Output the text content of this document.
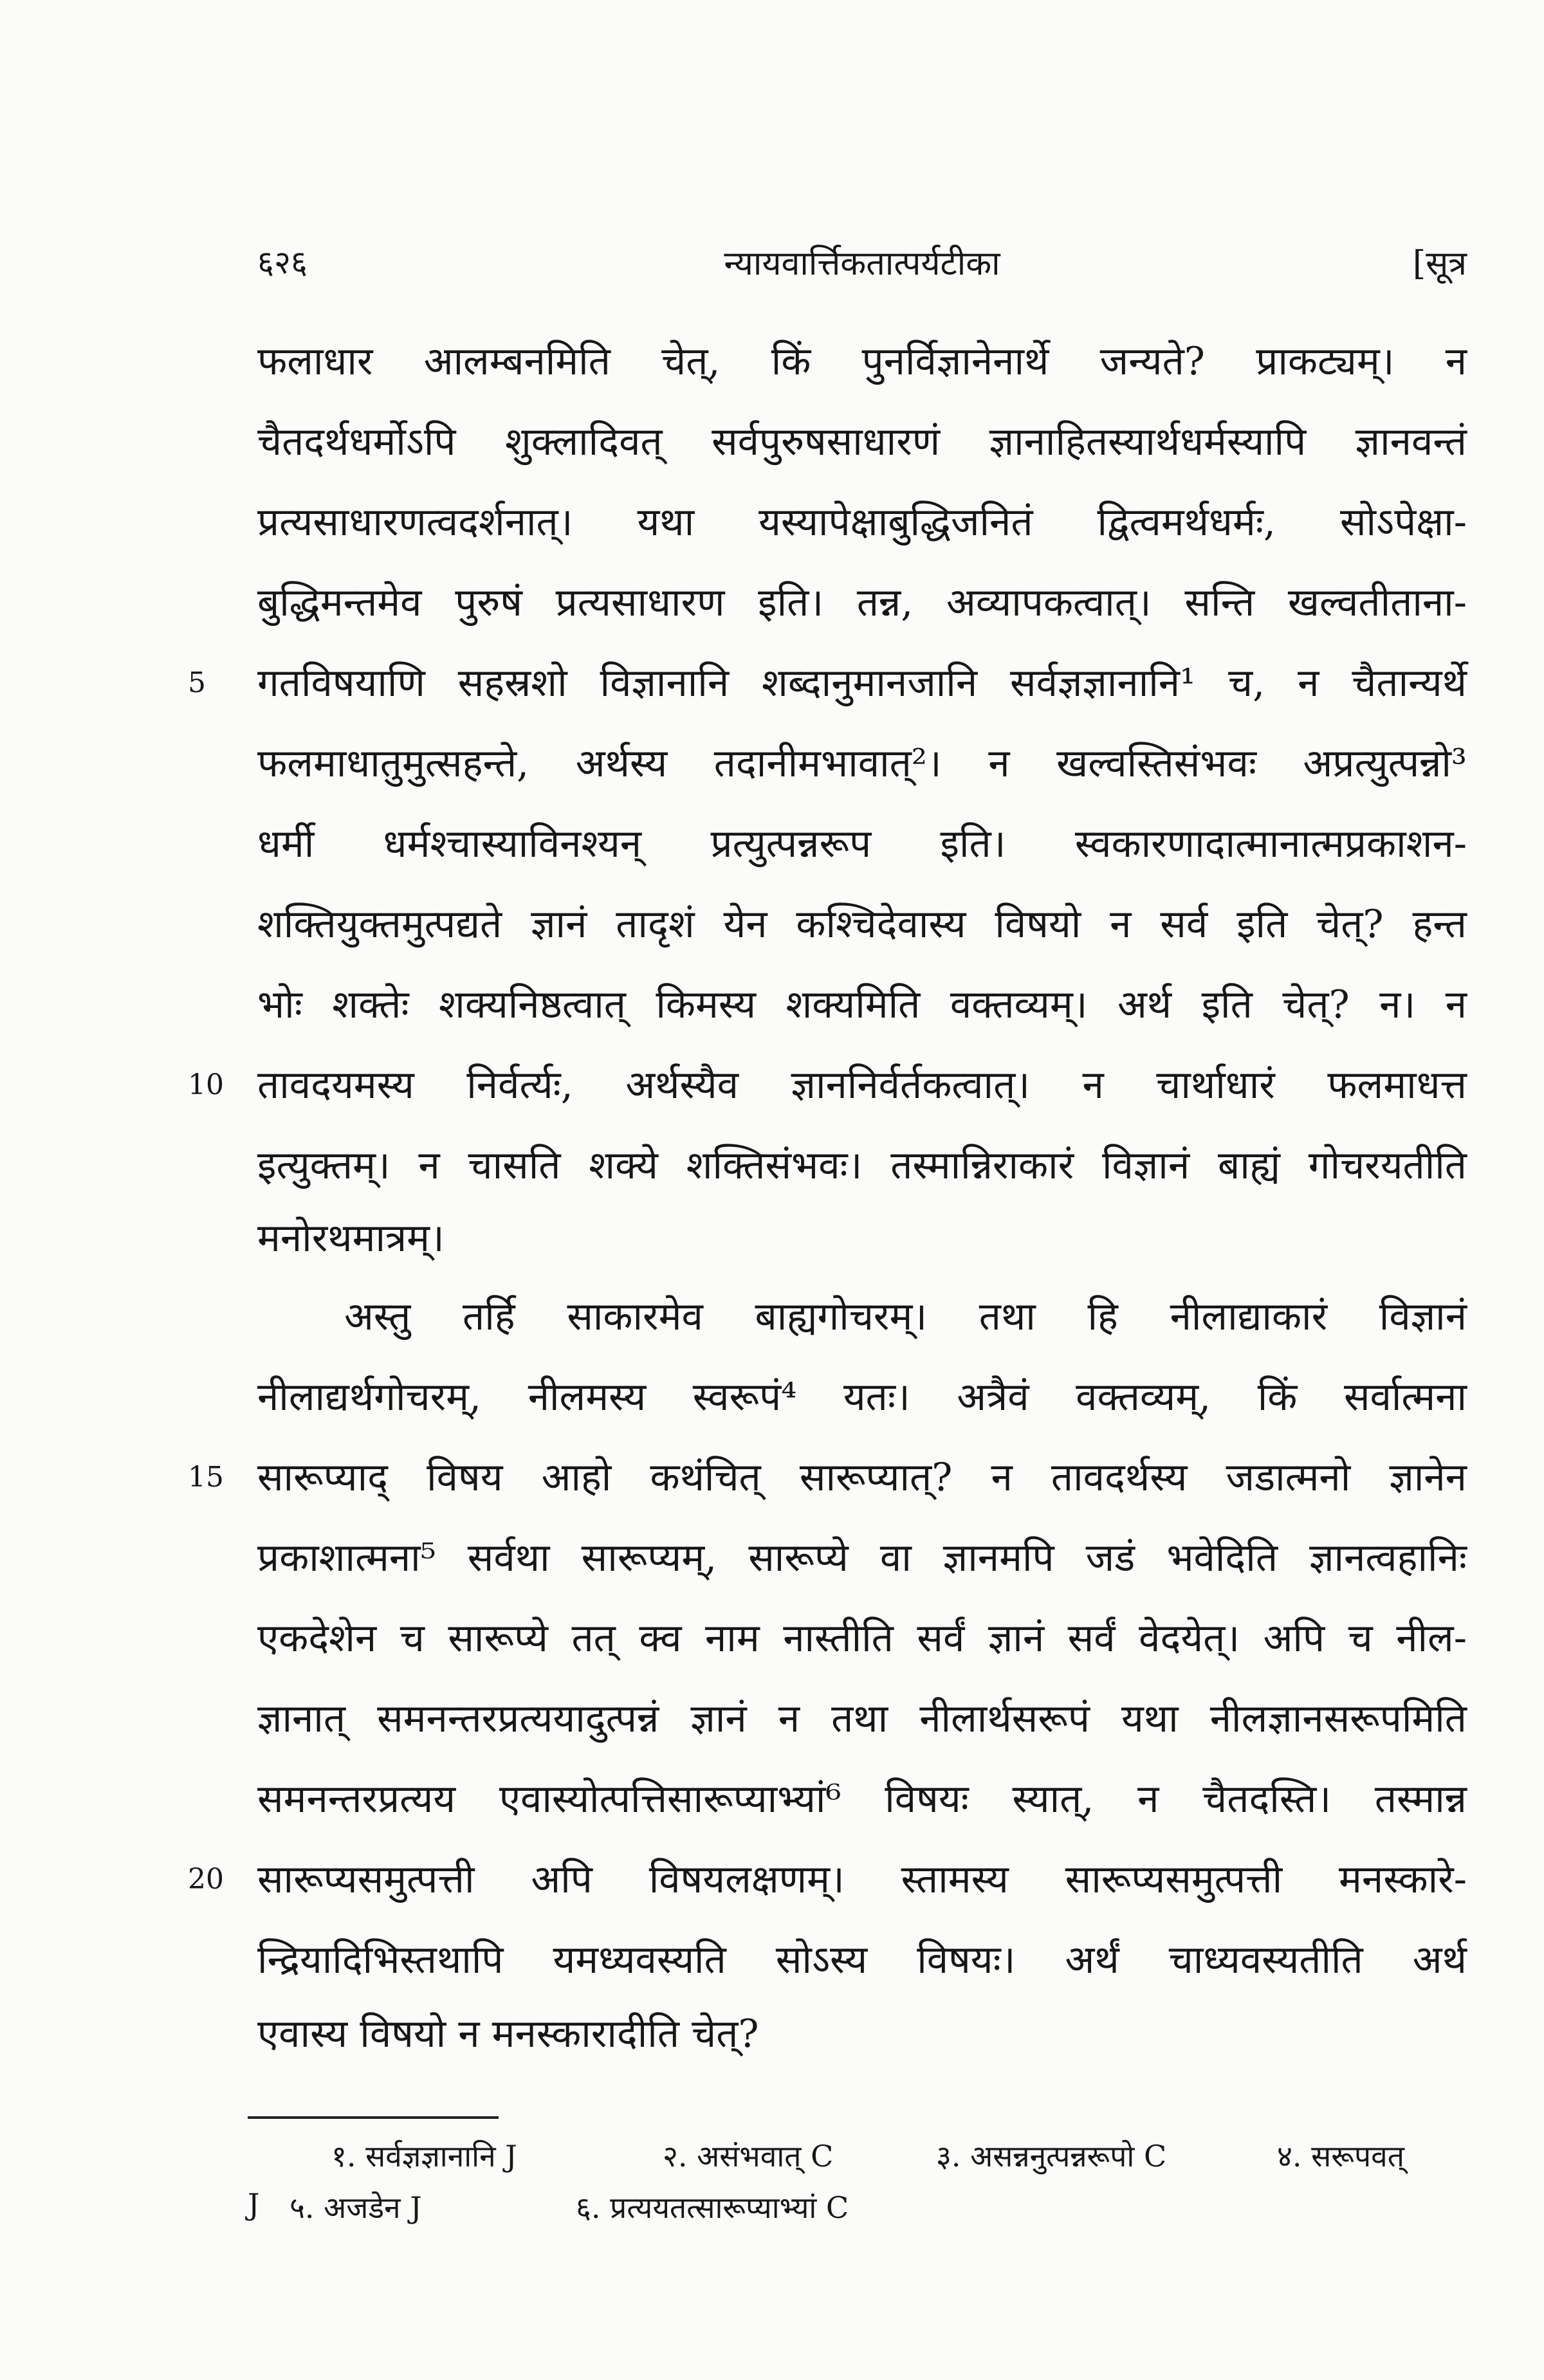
६२६	न्यायवार्त्तिकतात्पर्यटीका	[सूत्र
फलाधार आलम्बनमिति चेत्, किं पुनर्विज्ञानेनार्थे जन्यते? प्राकट्यम्। न
चैतदर्थधर्मोऽपि शुक्लादिवत् सर्वपुरुषसाधारणं ज्ञानाहितस्यार्थधर्मस्यापि ज्ञानवन्तं
प्रत्यसाधारणत्वदर्शनात्। यथा यस्यापेक्षाबुद्धिजनितं द्वित्वमर्थधर्मः, सोऽपेक्षा-
बुद्धिमन्तमेव पुरुषं प्रत्यसाधारण इति। तन्न, अव्यापकत्वात्। सन्ति खल्वतीताना-
गतविषयाणि सहस्रशो विज्ञानानि शब्दानुमानजानि सर्वज्ञज्ञानानि¹ च, न चैतान्यर्थे
फलमाधातुमुत्सहन्ते, अर्थस्य तदानीमभावात्²। न खल्वस्तिसंभवः अप्रत्युत्पन्नो³
धर्मी धर्मश्चास्याविनश्यन् प्रत्युत्पन्नरूप इति। स्वकारणादात्मानात्मप्रकाशन-
शक्तियुक्तमुत्पद्यते ज्ञानं तादृशं येन कश्चिदेवास्य विषयो न सर्व इति चेत्? हन्त
भोः शक्तेः शक्यनिष्ठत्वात् किमस्य शक्यमिति वक्तव्यम्। अर्थ इति चेत्? न। न
तावदयमस्य निर्वर्त्यः, अर्थस्यैव ज्ञाननिर्वर्तकत्वात्। न चार्थाधारं फलमाधत्त
इत्युक्तम्। न चासति शक्ये शक्तिसंभवः। तस्मान्निराकारं विज्ञानं बाह्यं गोचरयतीति
मनोरथमात्रम्।
अस्तु तर्हि साकारमेव बाह्यगोचरम्। तथा हि नीलाद्याकारं विज्ञानं
नीलाद्यर्थगोचरम्, नीलमस्य स्वरूपं⁴ यतः। अत्रैवं वक्तव्यम्, किं सर्वात्मना
सारूप्याद् विषय आहो कथंचित् सारूप्यात्? न तावदर्थस्य जडात्मनो ज्ञानेन
प्रकाशात्मना⁵ सर्वथा सारूप्यम्, सारूप्ये वा ज्ञानमपि जडं भवेदिति ज्ञानत्वहानिः
एकदेशेन च सारूप्ये तत् क्व नाम नास्तीति सर्वं ज्ञानं सर्वं वेदयेत्। अपि च नील-
ज्ञानात् समनन्तरप्रत्ययादुत्पन्नं ज्ञानं न तथा नीलार्थसरूपं यथा नीलज्ञानसरूपमिति
समनन्तरप्रत्यय एवास्योत्पत्तिसारूप्याभ्यां⁶ विषयः स्यात्, न चैतदस्ति। तस्मान्न
सारूप्यसमुत्पत्ती अपि विषयलक्षणम्। स्तामस्य सारूप्यसमुत्पत्ती मनस्कारे-
न्द्रियादिभिस्तथापि यमध्यवस्यति सोऽस्य विषयः। अर्थं चाध्यवस्यतीति अर्थ
एवास्य विषयो न मनस्कारादीति चेत्?
5
10
15
20
१. सर्वज्ञज्ञानानि J	२. असंभवात् C	३. असन्ननुत्पन्नरूपो C	४. सरूपवत्
J ५. अजडेन J	६. प्रत्ययतत्सारूप्याभ्यां C
